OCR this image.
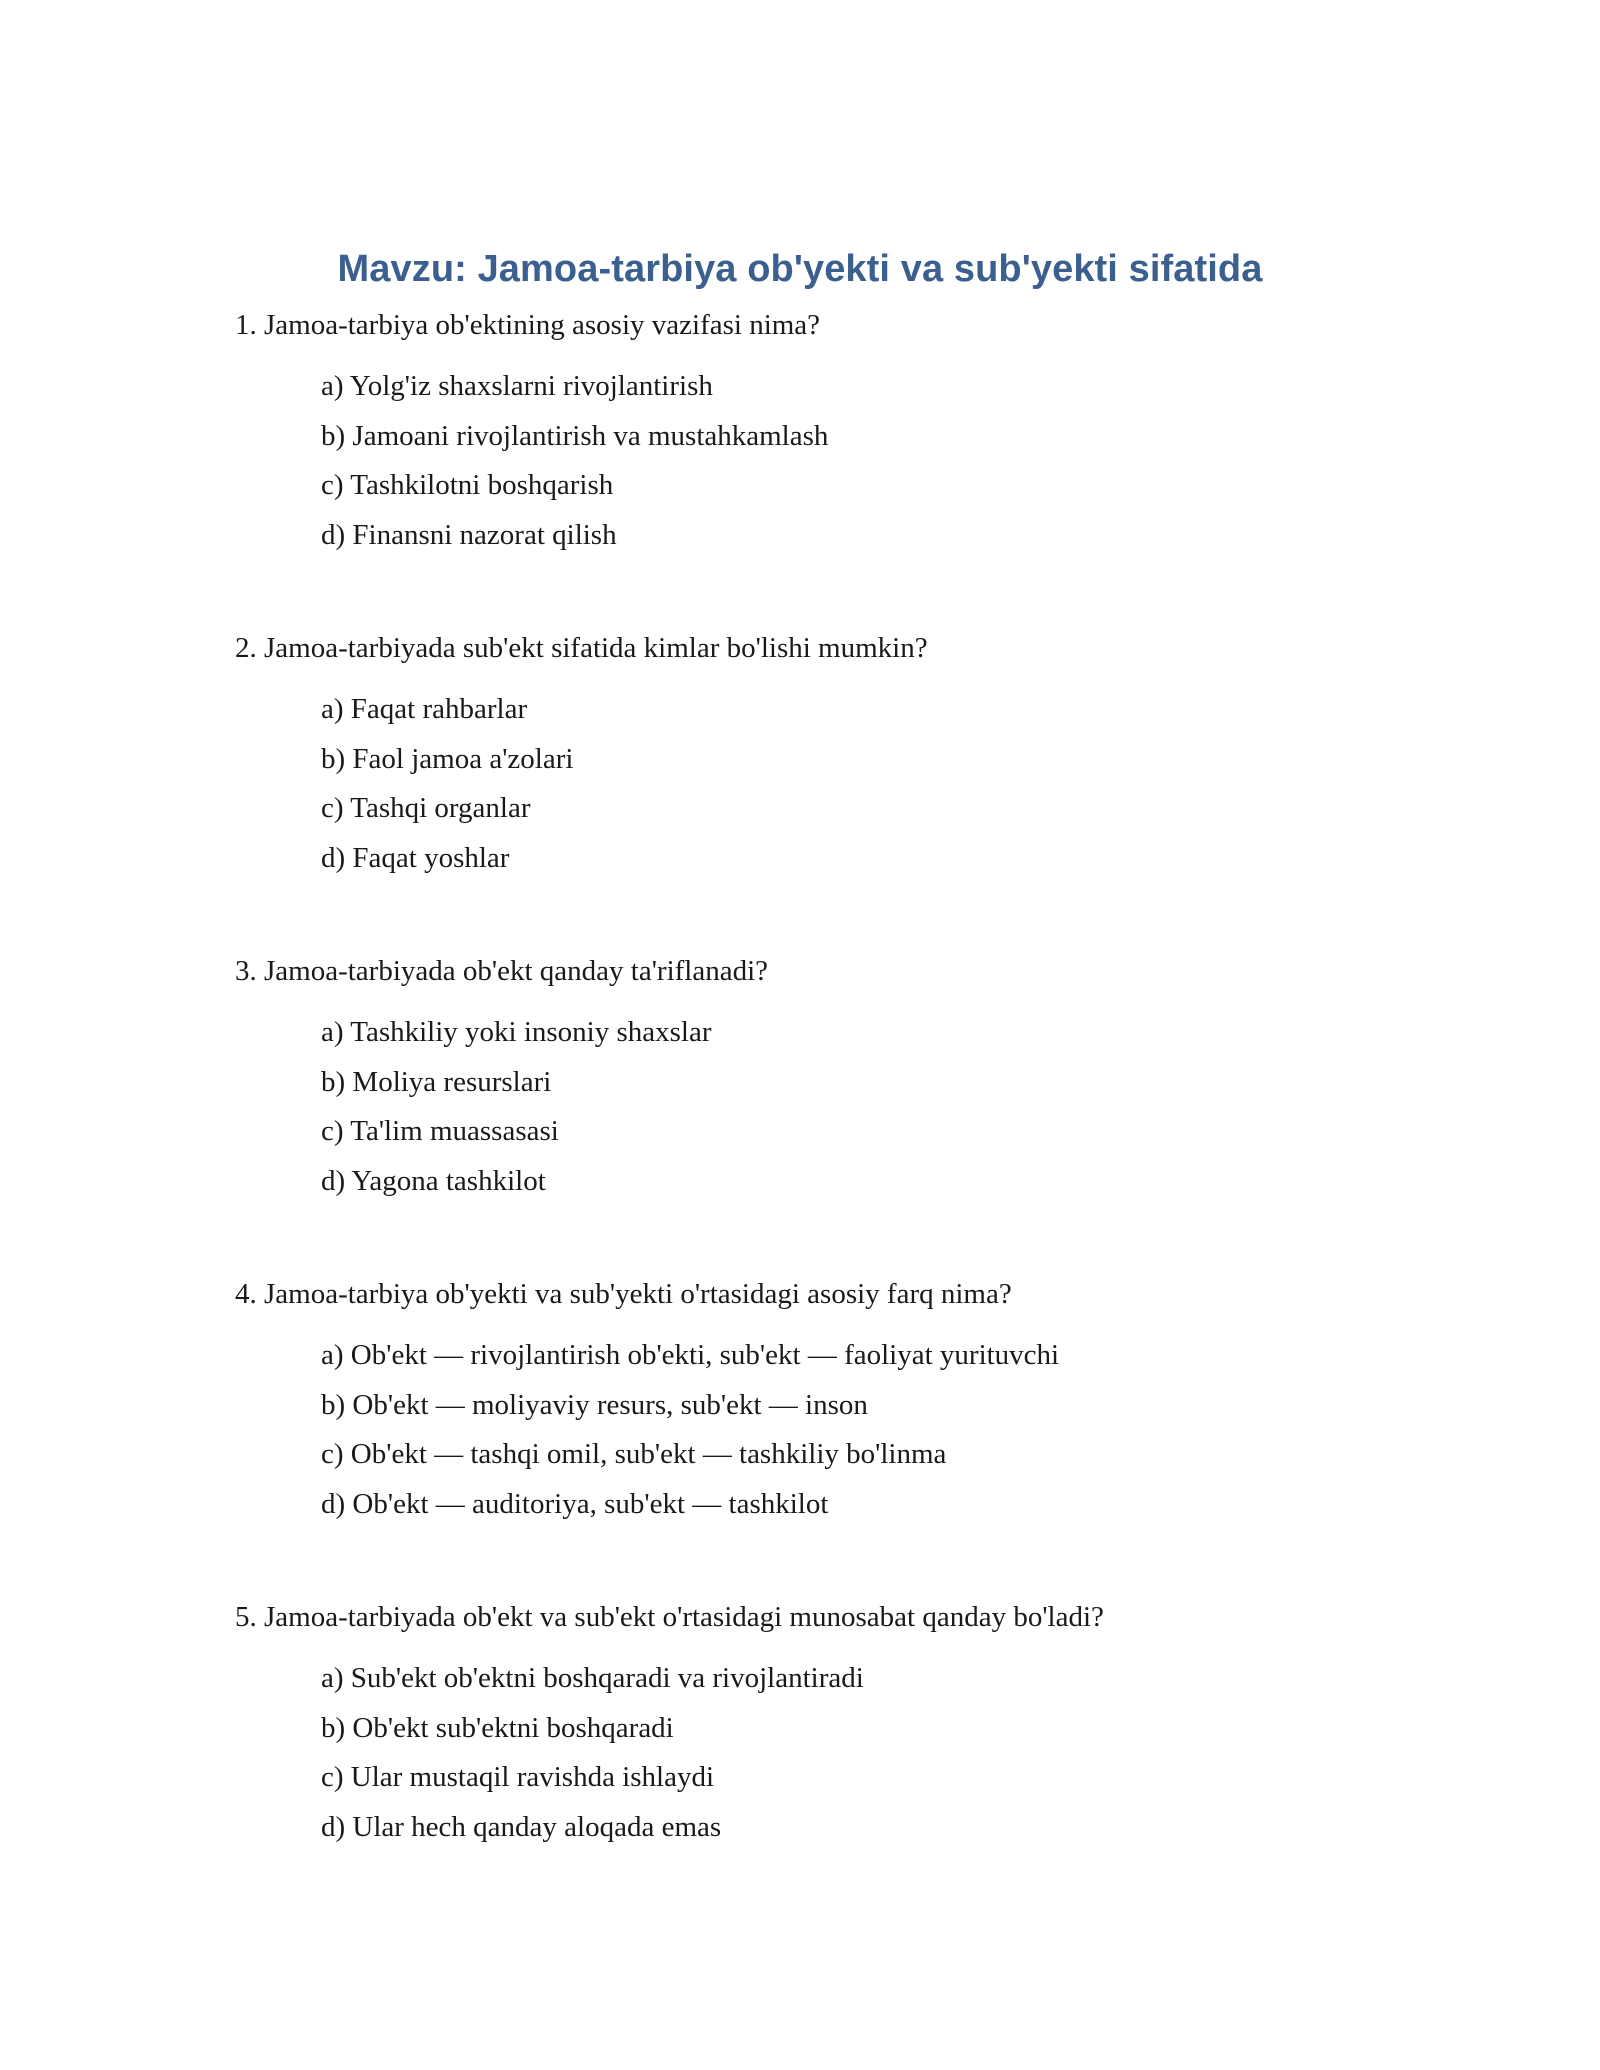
Mavzu: Jamoa-tarbiya ob'yekti va sub'yekti sifatida
1. Jamoa-tarbiya ob'ektining asosiy vazifasi nima?
a) Yolg'iz shaxslarni rivojlantirish
b) Jamoani rivojlantirish va mustahkamlash
c) Tashkilotni boshqarish
d) Finansni nazorat qilish
2. Jamoa-tarbiyada sub'ekt sifatida kimlar bo'lishi mumkin?
a) Faqat rahbarlar
b) Faol jamoa a'zolari
c) Tashqi organlar
d) Faqat yoshlar
3. Jamoa-tarbiyada ob'ekt qanday ta'riflanadi?
a) Tashkiliy yoki insoniy shaxslar
b) Moliya resurslari
c) Ta'lim muassasasi
d) Yagona tashkilot
4. Jamoa-tarbiya ob'yekti va sub'yekti o'rtasidagi asosiy farq nima?
a) Ob'ekt — rivojlantirish ob'ekti, sub'ekt — faoliyat yurituvchi
b) Ob'ekt — moliyaviy resurs, sub'ekt — inson
c) Ob'ekt — tashqi omil, sub'ekt — tashkiliy bo'linma
d) Ob'ekt — auditoriya, sub'ekt — tashkilot
5. Jamoa-tarbiyada ob'ekt va sub'ekt o'rtasidagi munosabat qanday bo'ladi?
a) Sub'ekt ob'ektni boshqaradi va rivojlantiradi
b) Ob'ekt sub'ektni boshqaradi
c) Ular mustaqil ravishda ishlaydi
d) Ular hech qanday aloqada emas
